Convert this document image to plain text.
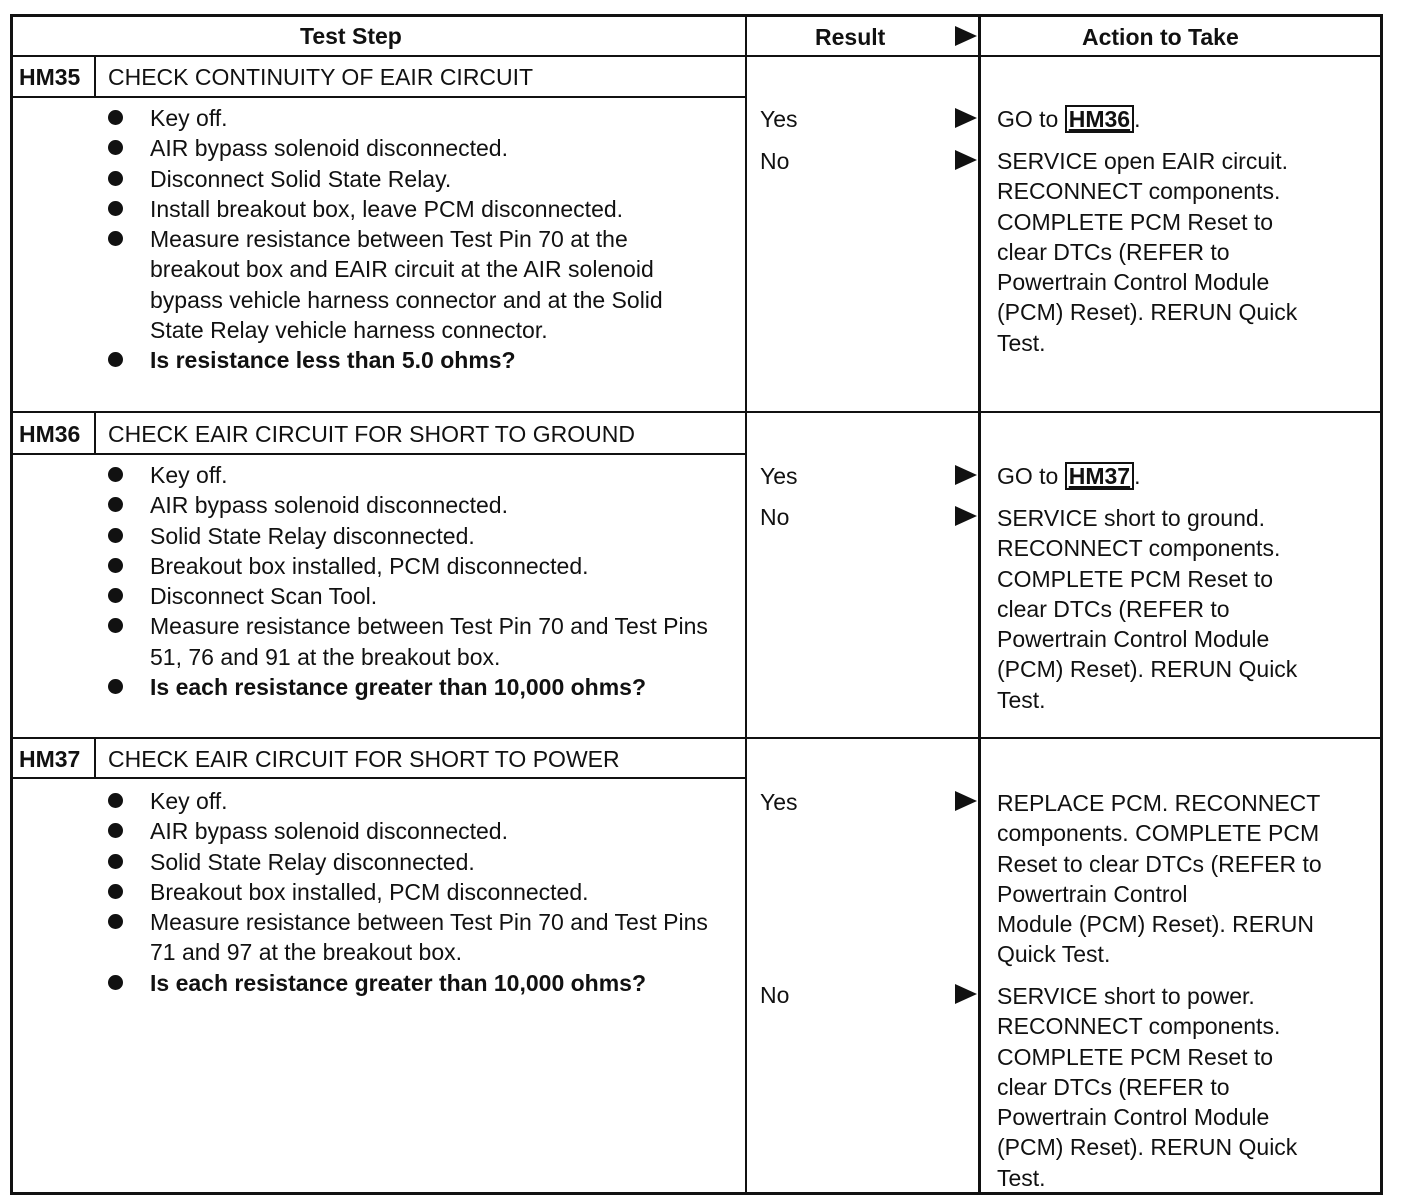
Test Step	Result	Action to Take
HM35 CHECK CONTINUITY OF EAIR CIRCUIT
Key off.
AIR bypass solenoid disconnected.
Disconnect Solid State Relay.
Install breakout box, leave PCM disconnected.
Measure resistance between Test Pin 70 at the breakout box and EAIR circuit at the AIR solenoid bypass vehicle harness connector and at the Solid State Relay vehicle harness connector.
Is resistance less than 5.0 ohms?
Yes
No
GO to HM36 .
SERVICE open EAIR circuit.
RECONNECT components.
COMPLETE PCM Reset to
clear DTCs (REFER to
Powertrain Control Module
(PCM) Reset). RERUN Quick
Test.
HM36 CHECK EAIR CIRCUIT FOR SHORT TO GROUND
Key off.
AIR bypass solenoid disconnected.
Solid State Relay disconnected.
Breakout box installed, PCM disconnected.
Disconnect Scan Tool.
Measure resistance between Test Pin 70 and Test Pins 51, 76 and 91 at the breakout box.
Is each resistance greater than 10,000 ohms?
Yes
No
GO to HM37 .
SERVICE short to ground.
RECONNECT components.
COMPLETE PCM Reset to
clear DTCs (REFER to
Powertrain Control Module
(PCM) Reset). RERUN Quick
Test.
HM37 CHECK EAIR CIRCUIT FOR SHORT TO POWER
Key off.
AIR bypass solenoid disconnected.
Solid State Relay disconnected.
Breakout box installed, PCM disconnected.
Measure resistance between Test Pin 70 and Test Pins 71 and 97 at the breakout box.
Is each resistance greater than 10,000 ohms?
Yes
No
REPLACE PCM. RECONNECT
components. COMPLETE PCM
Reset to clear DTCs (REFER to
Powertrain Control
Module (PCM) Reset). RERUN
Quick Test.
SERVICE short to power.
RECONNECT components.
COMPLETE PCM Reset to
clear DTCs (REFER to
Powertrain Control Module
(PCM) Reset). RERUN Quick
Test.
